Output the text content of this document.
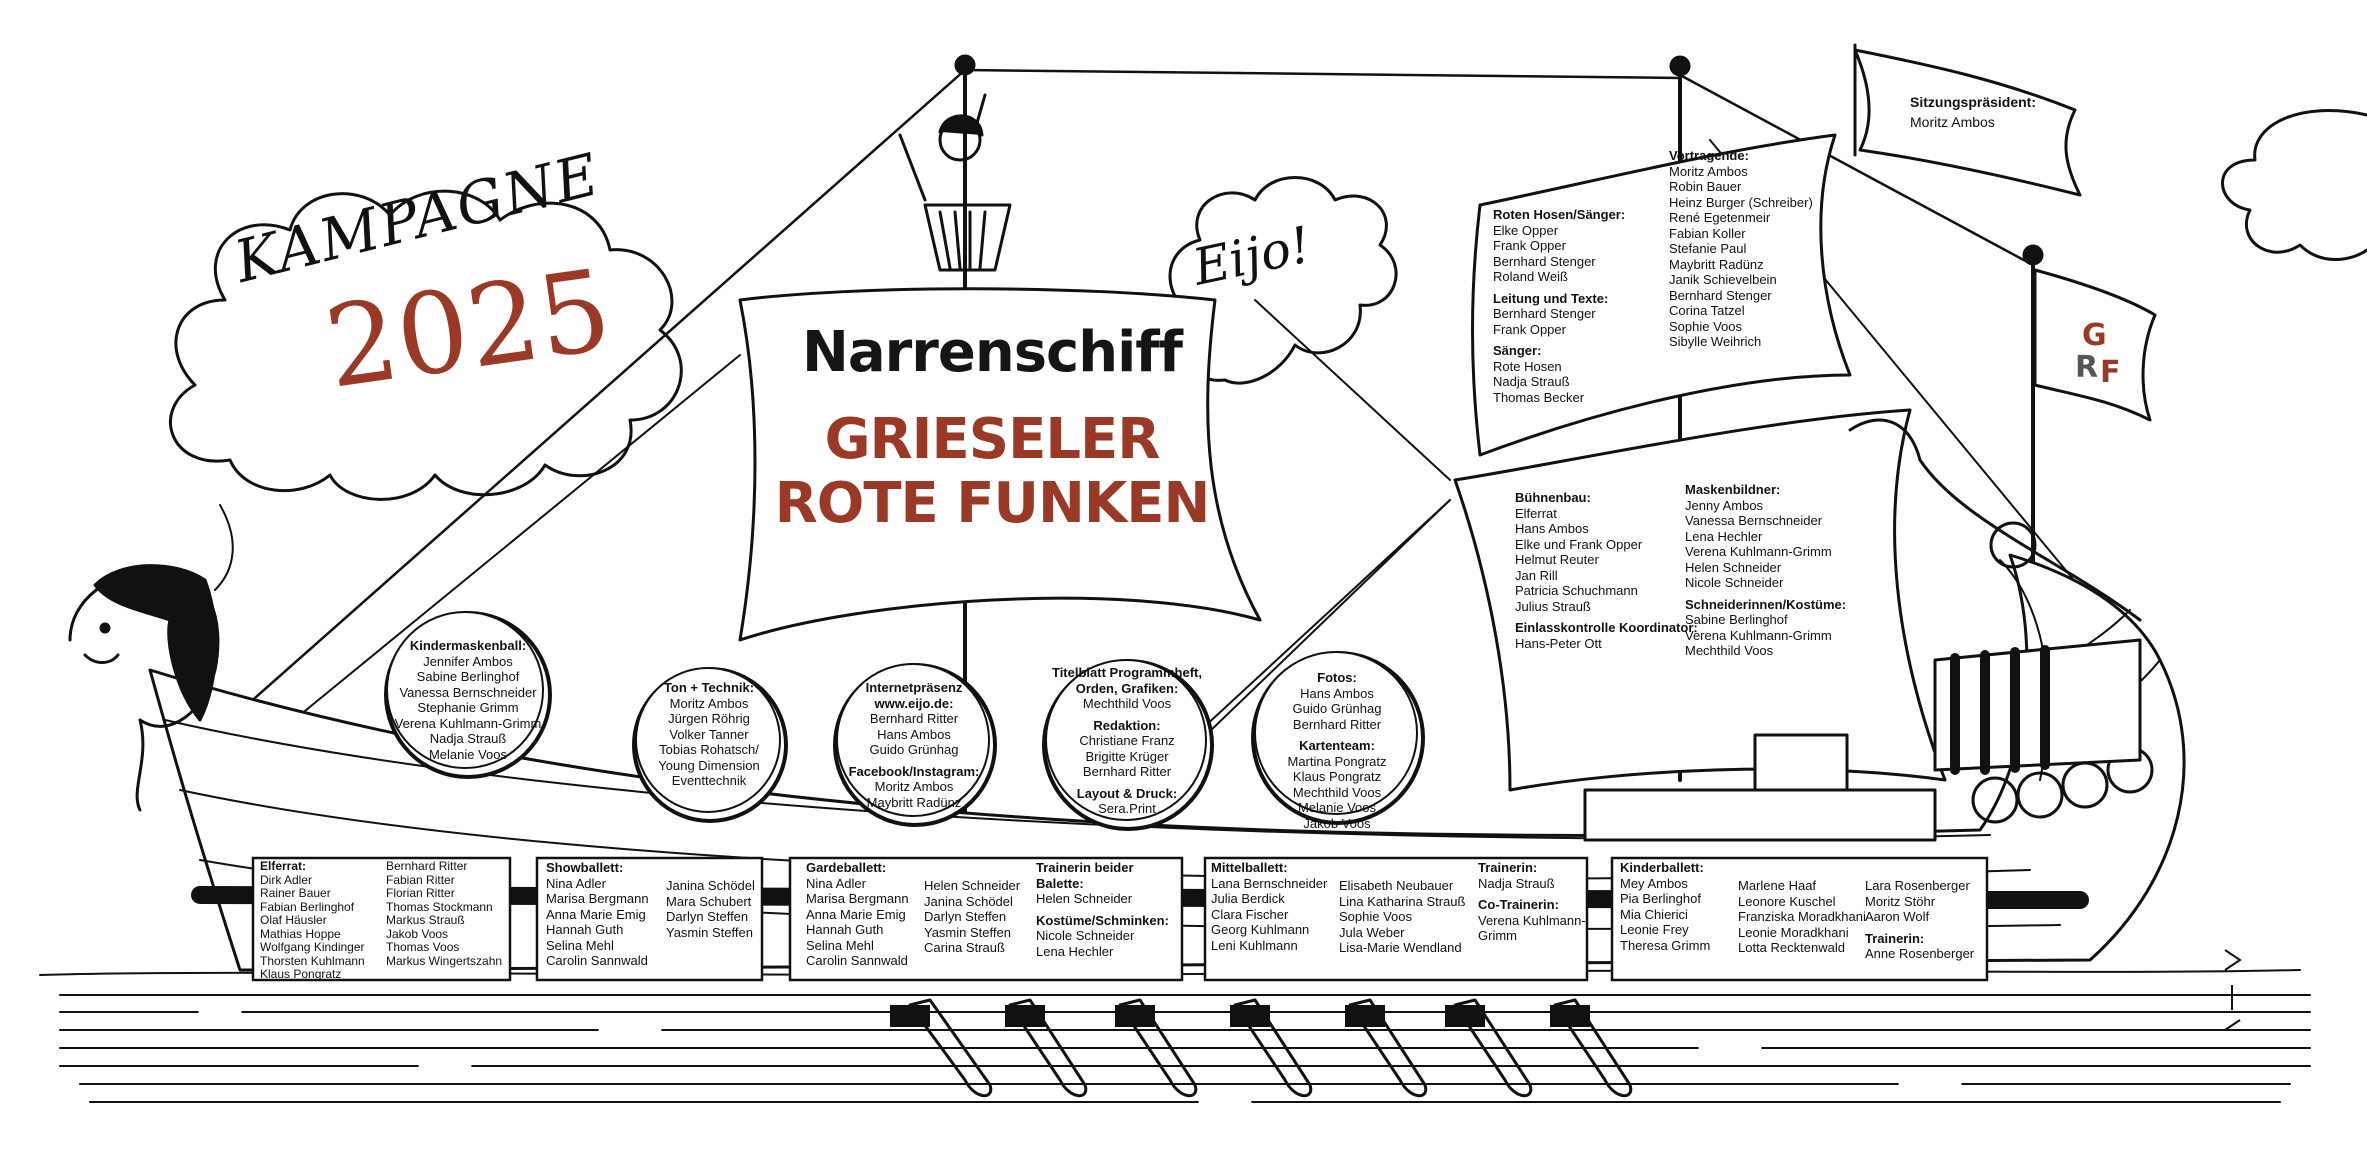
KAMPAGNE
2025	Eijo!
Narrenschiff
GRIESELER
ROTE FUNKEN
Sitzungspräsident:
Moritz Ambos
G
R F
Roten Hosen/Sänger:
Elke Opper
Frank Opper
Bernhard Stenger
Roland Weiß
Leitung und Texte:
Bernhard Stenger
Frank Opper
Sänger:
Rote Hosen
Nadja Strauß
Thomas Becker
Vortragende:
Moritz Ambos
Robin Bauer
Heinz Burger (Schreiber)
René Egetenmeir
Fabian Koller
Stefanie Paul
Maybritt Radünz
Janik Schievelbein
Bernhard Stenger
Corina Tatzel
Sophie Voos
Sibylle Weihrich
Bühnenbau:
Elferrat
Hans Ambos
Elke und Frank Opper
Helmut Reuter
Jan Rill
Patricia Schuchmann
Julius Strauß
Einlasskontrolle Koordinator:
Hans-Peter Ott
Maskenbildner:
Jenny Ambos
Vanessa Bernschneider
Lena Hechler
Verena Kuhlmann-Grimm
Helen Schneider
Nicole Schneider
Schneiderinnen/Kostüme:
Sabine Berlinghof
Verena Kuhlmann-Grimm
Mechthild Voos
Kindermaskenball:
Jennifer Ambos
Sabine Berlinghof
Vanessa Bernschneider
Stephanie Grimm
Verena Kuhlmann-Grimm
Nadja Strauß
Melanie Voos
Ton + Technik:
Moritz Ambos
Jürgen Röhrig
Volker Tanner
Tobias Rohatsch/
Young Dimension
Eventtechnik
Internetpräsenz www.eijo.de:
Bernhard Ritter
Hans Ambos
Guido Grünhag
Facebook/Instagram:
Moritz Ambos
Maybritt Radünz
Titelblatt Programmheft, Orden, Grafiken:
Mechthild Voos
Redaktion:
Christiane Franz
Brigitte Krüger
Bernhard Ritter
Layout & Druck:
Sera.Print
Fotos:
Hans Ambos
Guido Grünhag
Bernhard Ritter
Kartenteam:
Martina Pongratz
Klaus Pongratz
Mechthild Voos
Melanie Voos
Jakob Voos
Elferrat:
Dirk Adler
Rainer Bauer
Fabian Berlinghof
Olaf Häusler
Mathias Hoppe
Wolfgang Kindinger
Thorsten Kuhlmann
Klaus Pongratz
Bernhard Ritter
Fabian Ritter
Florian Ritter
Thomas Stockmann
Markus Strauß
Jakob Voos
Thomas Voos
Markus Wingertszahn
Showballett:
Nina Adler
Marisa Bergmann
Anna Marie Emig
Hannah Guth
Selina Mehl
Carolin Sannwald
Janina Schödel
Mara Schubert
Darlyn Steffen
Yasmin Steffen
Gardeballett:
Nina Adler
Marisa Bergmann
Anna Marie Emig
Hannah Guth
Selina Mehl
Carolin Sannwald
Helen Schneider
Janina Schödel
Darlyn Steffen
Yasmin Steffen
Carina Strauß
Trainerin beider Balette:
Helen Schneider
Kostüme/Schminken:
Nicole Schneider
Lena Hechler
Mittelballett:
Lana Bernschneider
Julia Berdick
Clara Fischer
Georg Kuhlmann
Leni Kuhlmann
Elisabeth Neubauer
Lina Katharina Strauß
Sophie Voos
Jula Weber
Lisa-Marie Wendland
Trainerin:
Nadja Strauß
Co-Trainerin:
Verena Kuhlmann-
Grimm
Kinderballett:
Mey Ambos
Pia Berlinghof
Mia Chierici
Leonie Frey
Theresa Grimm
Marlene Haaf
Leonore Kuschel
Franziska Moradkhani
Leonie Moradkhani
Lotta Recktenwald
Lara Rosenberger
Moritz Stöhr
Aaron Wolf
Trainerin:
Anne Rosenberger
